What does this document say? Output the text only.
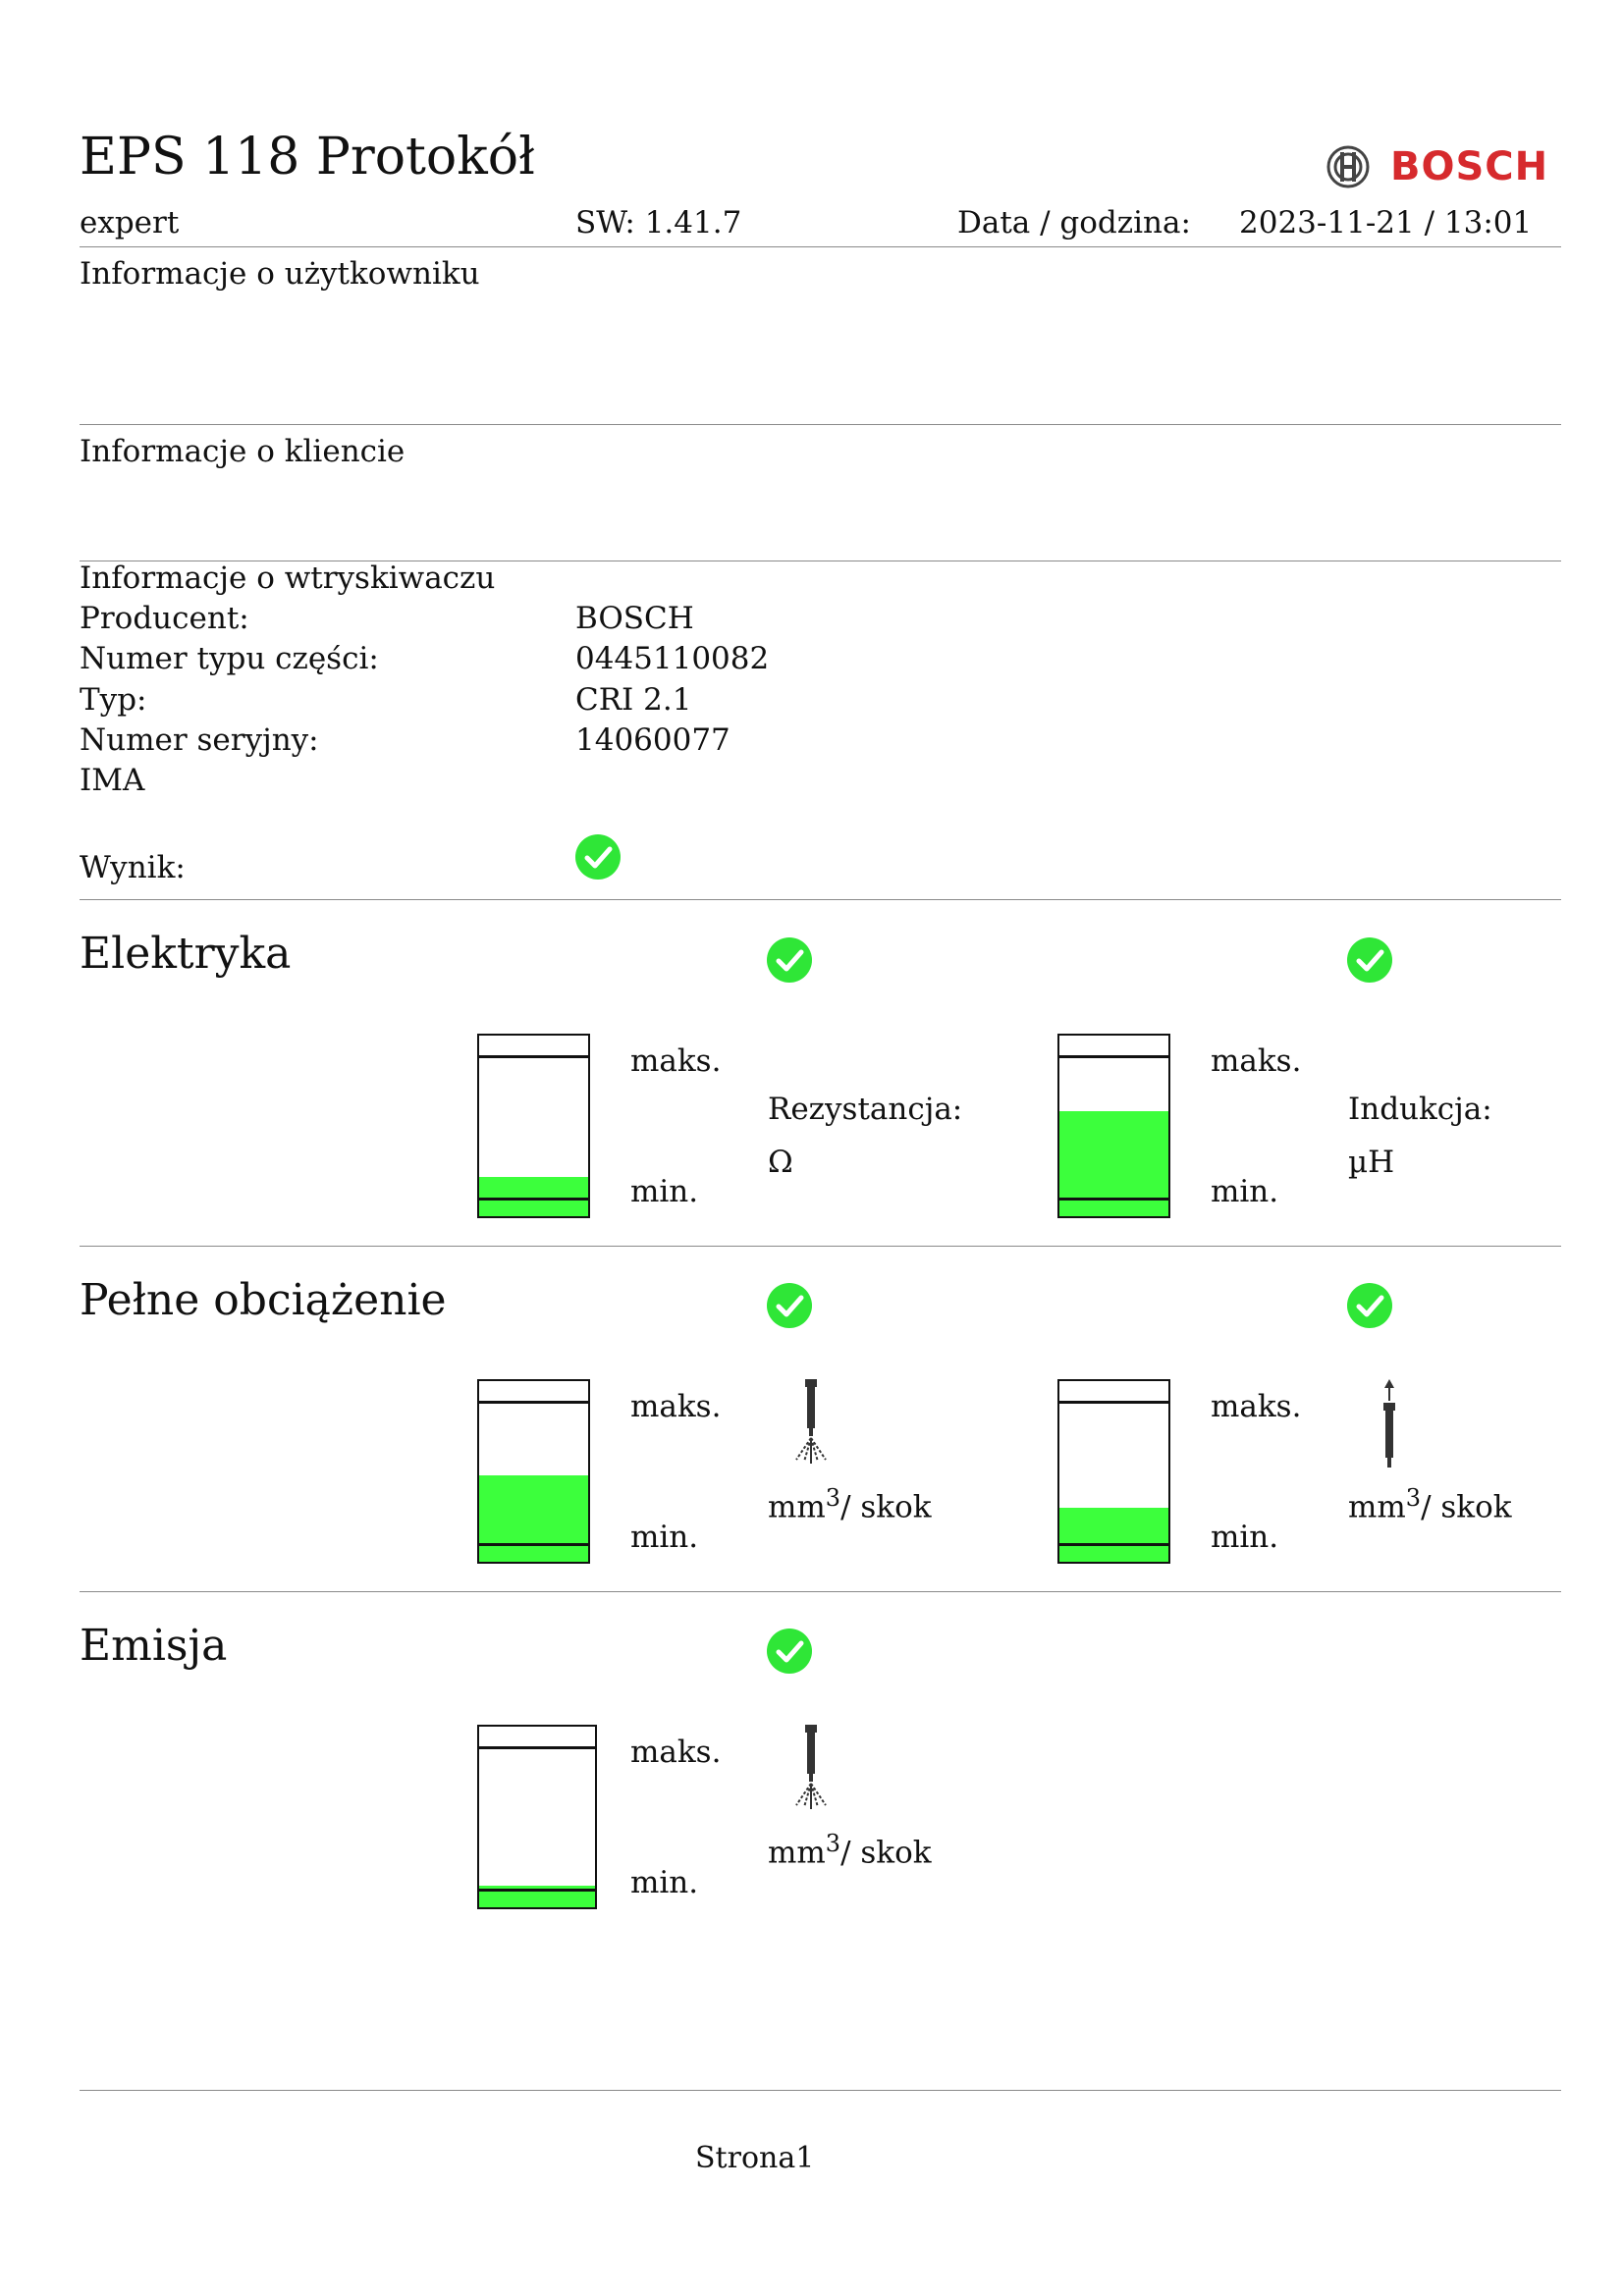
EPS 118 Protokół	BOSCH
expert	SW: 1.41.7	Data / godzina: 2023-11-21 / 13:01
Informacje o użytkowniku
Informacje o kliencie
Informacje o wtryskiwaczu
Producent:	BOSCH
Numer typu części:	0445110082
Typ:	CRI 2.1
Numer seryjny:	14060077
IMA
Wynik:
Elektryka
maks.
min.
Rezystancja:
Ω
maks.
min.
Indukcja:
µH
Pełne obciążenie
maks.
min.
$mm^3/$ skok
maks.
min.
$mm^3/$ skok
Emisja
maks.
min.
$mm^3/$ skok
Strona1
